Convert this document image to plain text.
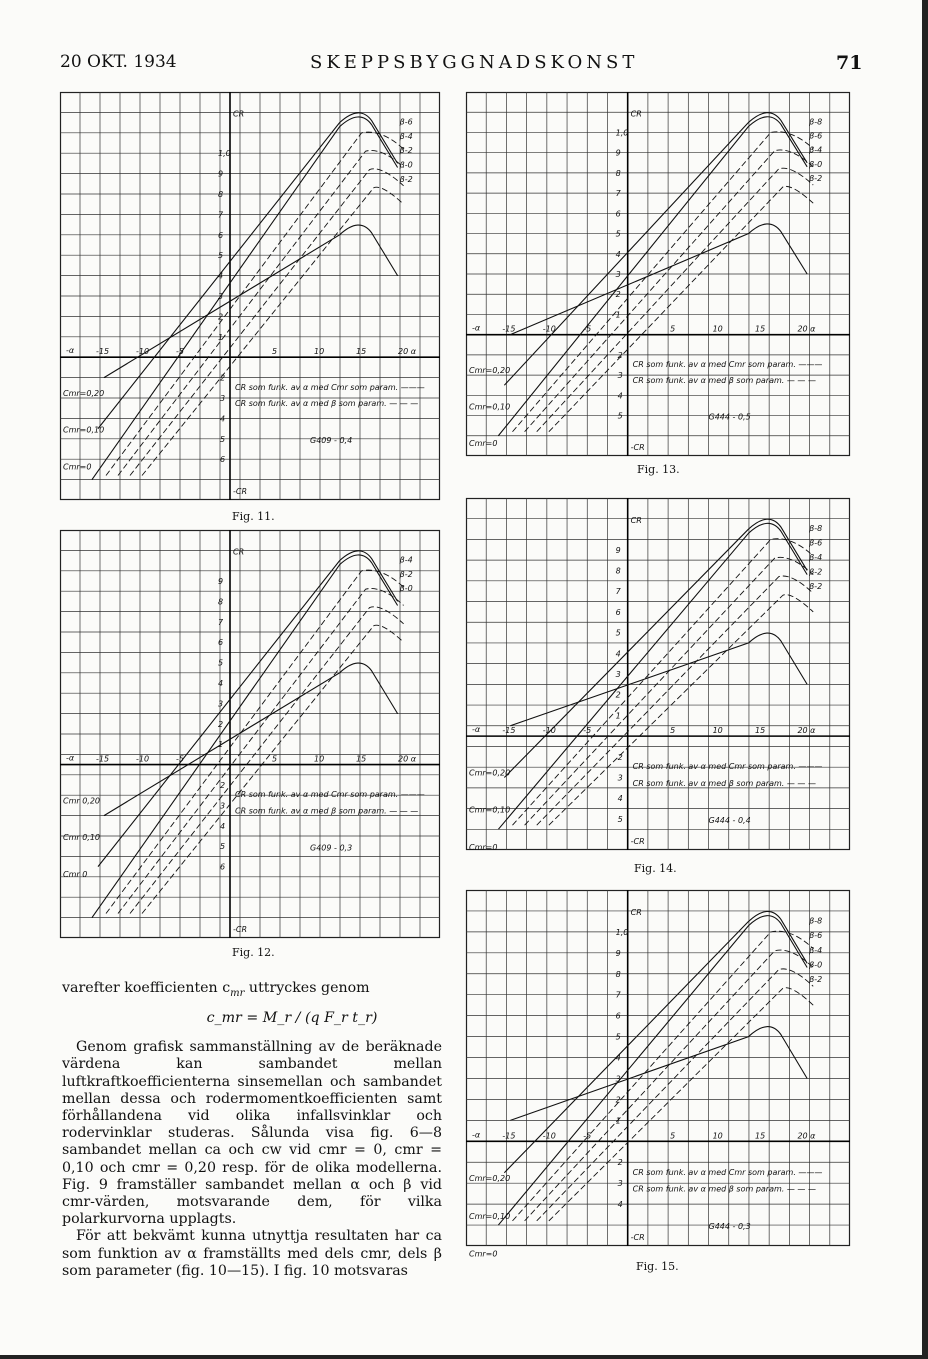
20 OKT. 1934	SKEPPSBYGGNADSKONST	71
CR
-CR
-α
1,0
9
8
7
6
5
4
3
2
1
2
3
4
5
6
5	10	15	20 α
-15	-10	-5
β-6
β-4
β-2
β-0
β-2
Cmr=0,20
Cmr=0,10
Cmr=0
CR som funk. av α med Cmr som param. ———
CR som funk. av α med β som param. — — —
G409 - 0,4
Fig. 11.
CR
-CR
-α
9
8
7
6
5
4
3
2
1
2
3
4
5
6
5	10	15	20 α
-15	-10	-5
β-4
β-2
β-0
Cmr 0,20
Cmr 0,10
Cmr 0
CR som funk. av α med Cmr som param. ———
CR som funk. av α med β som param. — — —
G409 - 0,3
Fig. 12.
CR
-CR
-α
1,0
9
8
7
6
5
4
3
2
1
2
3
4
5
5	10	15	20 α
-15	-10	-5
β-8
β-6
β-4
β-0
β-2
Cmr=0,20
Cmr=0,10
Cmr=0
CR som funk. av α med Cmr som param. ———
CR som funk. av α med β som param. — — —
G444 - 0,5
Fig. 13.
CR
-CR
-α
9
8
7
6
5
4
3
2
1
2
3
4
5
5	10	15	20 α
-15	-10	-5
β-8
β-6
β-4
β-2
β-2
Cmr=0,20
Cmr=0,10
Cmr=0
CR som funk. av α med Cmr som param. ———
CR som funk. av α med β som param. — — —
G444 - 0,4
Fig. 14.
CR
-CR
-α
1,0
9
8
7
6
5
4
3
2
1
2
3
4
5	10	15	20 α
-15	-10	-5
β-8
β-6
β-4
β-0
β-2
Cmr=0,20
Cmr=0,10
Cmr=0
CR som funk. av α med Cmr som param. ———
CR som funk. av α med β som param. — — —
G444 - 0,3
Fig. 15.

varefter koefficienten $c_{mr}$ uttryckes genom

c_mr = M_r / (q F_r t_r)

Genom grafisk sammanställning av de beräknade värdena kan sambandet mellan luftkraftkoefficienterna sinsemellan och sambandet mellan dessa och rodermomentkoefficienten samt förhållandena vid olika infallsvinklar och rodervinklar studeras. Sålunda visa fig. 6—8 sambandet mellan ca och cw vid cmr = 0, cmr = 0,10 och cmr = 0,20 resp. för de olika modellerna. Fig. 9 framställer sambandet mellan α och β vid cmr-värden, motsvarande dem, för vilka polarkurvorna upplagts.

För att bekvämt kunna utnyttja resultaten har ca som funktion av α framställts med dels cmr, dels β som parameter (fig. 10—15). I fig. 10 motsvaras
